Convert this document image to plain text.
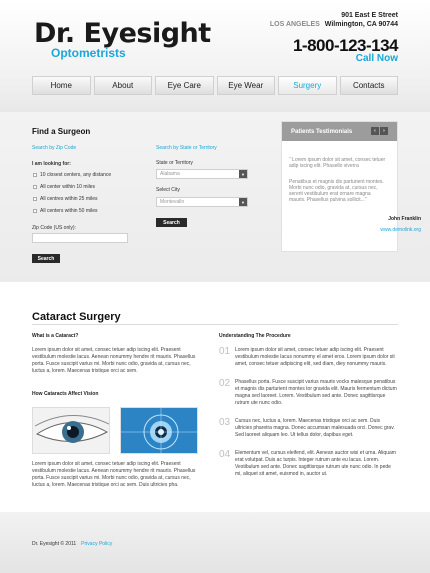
Dr. Eyesight
Optometrists
901 East E Street
LOS ANGELES Wilmington, CA 90744
1-800-123-134
Call Now
Home	About	Eye Care	Eye Wear	Surgery	Contacts
Find a Surgeon
Search by Zip Code
I am looking for:
10 closest centers, any distance
All center within 10 miles
All centres within 25 miles
All centers within 50 miles
Zip Code (US only):
Search
Search by State or Territory
State or Territory
Alabama	▼
Select City
Montevallo	▼
Search
Patients Testimonials	‹	›
“ Lorem ipsum dolor sit amet, consec tetuer adip iscing elit. Phasello viverra
Penatibus et magnis dis parturient montes. Morbi nunc odio, gravida at, cursus nec, sererit vestibulum erat ornare magna mauris. Phasellus pulvina sollicit...”
John Franklin
www.demolink.org
Cataract Surgery
What is a Cataract?
Lorem ipsum dolor sit amet, consec tetuer adip iscing elit. Praesent vestibulum molestie lacus. Aenean nonummy hendre rit mauris. Phasellus porta. Fusce suscipit varius mi. Morbi nunc odio, gravida at, cursus nec, luctus a, lorem. Maecenas tristique orci ac sem.
How Cataracts Affect Vision
Lorem ipsum dolor sit amet, consec tetuer adip iscing elit. Praesent vestibulum molestie lacus. Aenean nonummy hendre rit mauris. Phasellus porta. Fusce suscipit varius mi. Morbi nunc odio, gravida at, cursus nec, luctus a, lorem. Maecenas tristique orci ac sem. Duis ultricies pha.
Understanding The Procedure
01 Lorem ipsum dolor sit amet, consec tetuer adip iscing elit. Praesent vestibulum molestie lacus nonummy el amet eros. Lorem ipsum dolor sit amet, consec tetuer adipiscing elit, sed diam, diey nonummy mauris.
02 Phasellus porta. Fusce suscipit varius mauris vocks malesque penatibus et magnis dis parturient montes tor gravida elit. Mauris fermentum dictum magna sed laoreet. Lorem. Vestibulum sed ante. Donec sagittisrque rutrum ute nunc odio.
03 Cursus nec, luctus a, lorem. Maecenas tristique orci ac sem. Duis ultricies pharetra magna. Donec accumsan malesuada orci. Donec grav. Sed laoreet aliquam leo. Ut tellus dolor, dapibus eget.
04 Elementum vel, cursus eleifend, elit. Aenean auctor wisi et urna. Aliquam erat volutpat. Duis ac turpis. Integer rutrum ante eu lacus. Lorem. Vestibulum sed ante. Donec sagittisrque rutrum ute nunc odio. In pede mi, aliquet sit amet, euismod in, auctor ut.
Dr. Eyesight © 2011 Privacy Policy
